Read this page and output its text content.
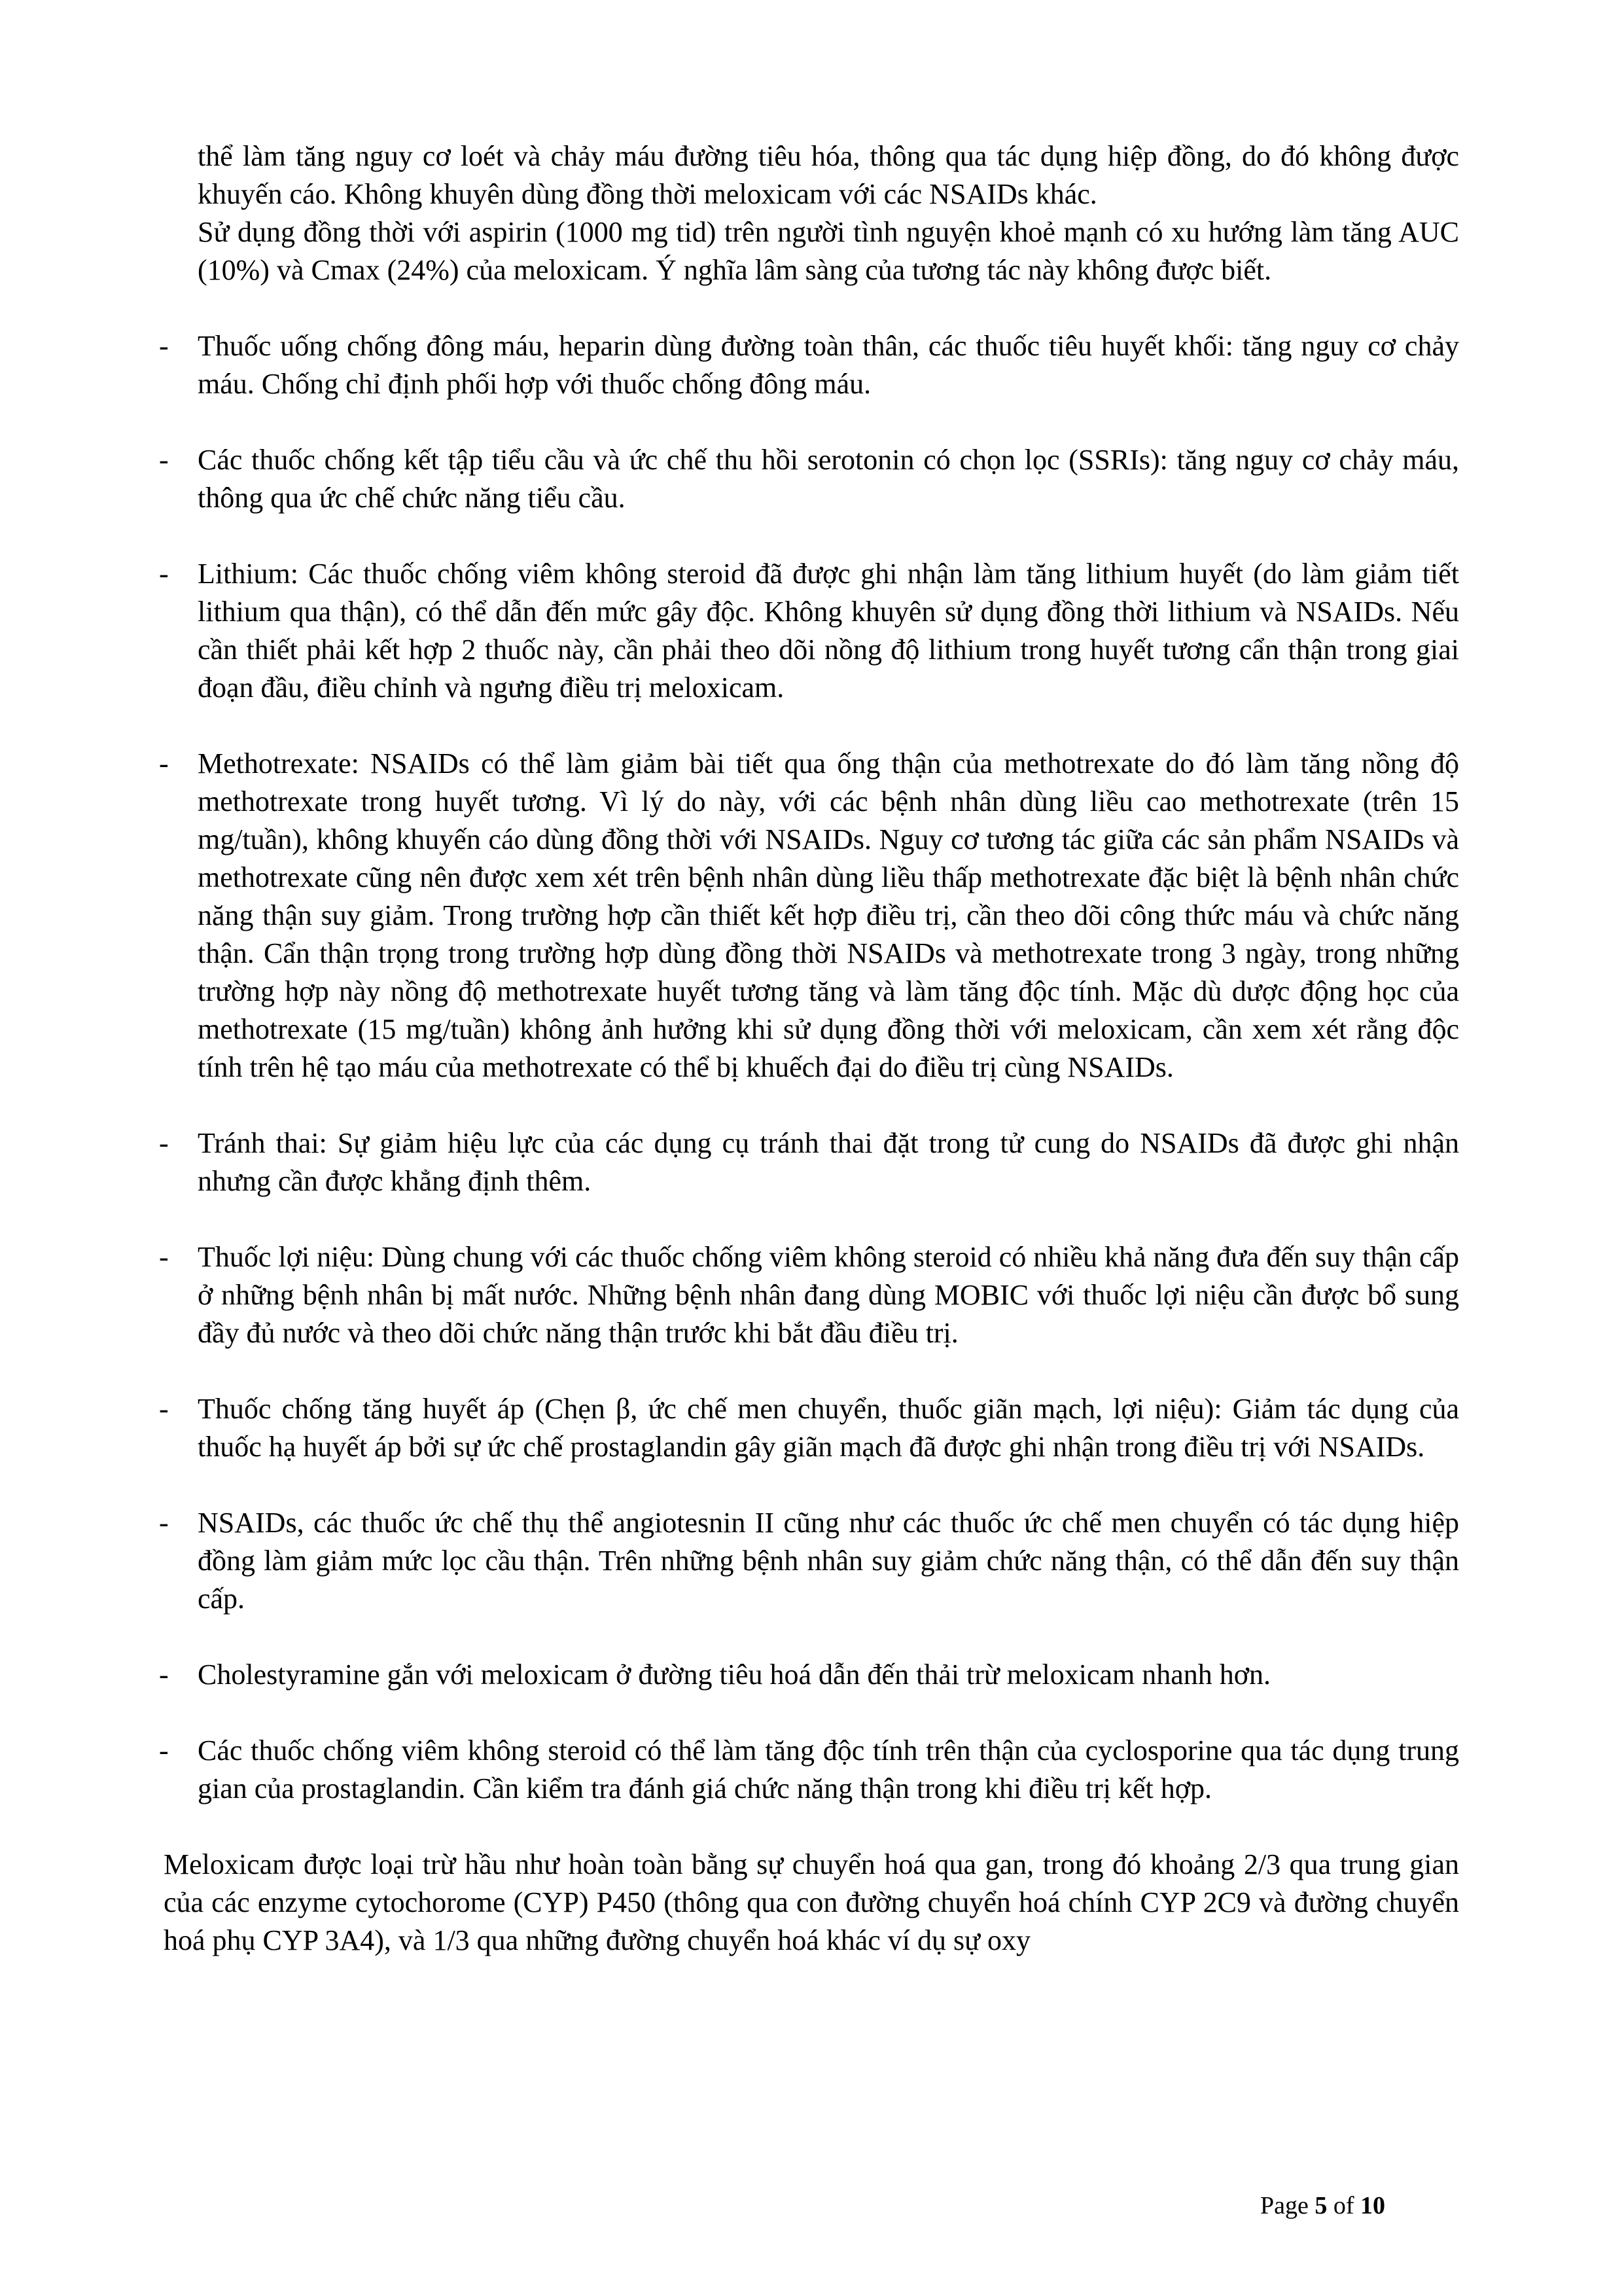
thể làm tăng nguy cơ loét và chảy máu đường tiêu hóa, thông qua tác dụng hiệp đồng, do đó không được khuyến cáo. Không khuyên dùng đồng thời meloxicam với các NSAIDs khác.

Sử dụng đồng thời với aspirin (1000 mg tid) trên người tình nguyện khoẻ mạnh có xu hướng làm tăng AUC (10%) và Cmax (24%) của meloxicam. Ý nghĩa lâm sàng của tương tác này không được biết.

- Thuốc uống chống đông máu, heparin dùng đường toàn thân, các thuốc tiêu huyết khối: tăng nguy cơ chảy máu. Chống chỉ định phối hợp với thuốc chống đông máu.
- Các thuốc chống kết tập tiểu cầu và ức chế thu hồi serotonin có chọn lọc (SSRIs): tăng nguy cơ chảy máu, thông qua ức chế chức năng tiểu cầu.
- Lithium: Các thuốc chống viêm không steroid đã được ghi nhận làm tăng lithium huyết (do làm giảm tiết lithium qua thận), có thể dẫn đến mức gây độc. Không khuyên sử dụng đồng thời lithium và NSAIDs. Nếu cần thiết phải kết hợp 2 thuốc này, cần phải theo dõi nồng độ lithium trong huyết tương cẩn thận trong giai đoạn đầu, điều chỉnh và ngưng điều trị meloxicam.
- Methotrexate: NSAIDs có thể làm giảm bài tiết qua ống thận của methotrexate do đó làm tăng nồng độ methotrexate trong huyết tương. Vì lý do này, với các bệnh nhân dùng liều cao methotrexate (trên 15 mg/tuần), không khuyến cáo dùng đồng thời với NSAIDs. Nguy cơ tương tác giữa các sản phẩm NSAIDs và methotrexate cũng nên được xem xét trên bệnh nhân dùng liều thấp methotrexate đặc biệt là bệnh nhân chức năng thận suy giảm. Trong trường hợp cần thiết kết hợp điều trị, cần theo dõi công thức máu và chức năng thận. Cẩn thận trọng trong trường hợp dùng đồng thời NSAIDs và methotrexate trong 3 ngày, trong những trường hợp này nồng độ methotrexate huyết tương tăng và làm tăng độc tính. Mặc dù dược động học của methotrexate (15 mg/tuần) không ảnh hưởng khi sử dụng đồng thời với meloxicam, cần xem xét rằng độc tính trên hệ tạo máu của methotrexate có thể bị khuếch đại do điều trị cùng NSAIDs.
- Tránh thai: Sự giảm hiệu lực của các dụng cụ tránh thai đặt trong tử cung do NSAIDs đã được ghi nhận nhưng cần được khẳng định thêm.
- Thuốc lợi niệu: Dùng chung với các thuốc chống viêm không steroid có nhiều khả năng đưa đến suy thận cấp ở những bệnh nhân bị mất nước. Những bệnh nhân đang dùng MOBIC với thuốc lợi niệu cần được bổ sung đầy đủ nước và theo dõi chức năng thận trước khi bắt đầu điều trị.
- Thuốc chống tăng huyết áp (Chẹn β, ức chế men chuyển, thuốc giãn mạch, lợi niệu): Giảm tác dụng của thuốc hạ huyết áp bởi sự ức chế prostaglandin gây giãn mạch đã được ghi nhận trong điều trị với NSAIDs.
- NSAIDs, các thuốc ức chế thụ thể angiotesnin II cũng như các thuốc ức chế men chuyển có tác dụng hiệp đồng làm giảm mức lọc cầu thận. Trên những bệnh nhân suy giảm chức năng thận, có thể dẫn đến suy thận cấp.
- Cholestyramine gắn với meloxicam ở đường tiêu hoá dẫn đến thải trừ meloxicam nhanh hơn.
- Các thuốc chống viêm không steroid có thể làm tăng độc tính trên thận của cyclosporine qua tác dụng trung gian của prostaglandin. Cần kiểm tra đánh giá chức năng thận trong khi điều trị kết hợp.

Meloxicam được loại trừ hầu như hoàn toàn bằng sự chuyển hoá qua gan, trong đó khoảng 2/3 qua trung gian của các enzyme cytochorome (CYP) P450 (thông qua con đường chuyển hoá chính CYP 2C9 và đường chuyển hoá phụ CYP 3A4), và 1/3 qua những đường chuyển hoá khác ví dụ sự oxy

Page 5 of 10
